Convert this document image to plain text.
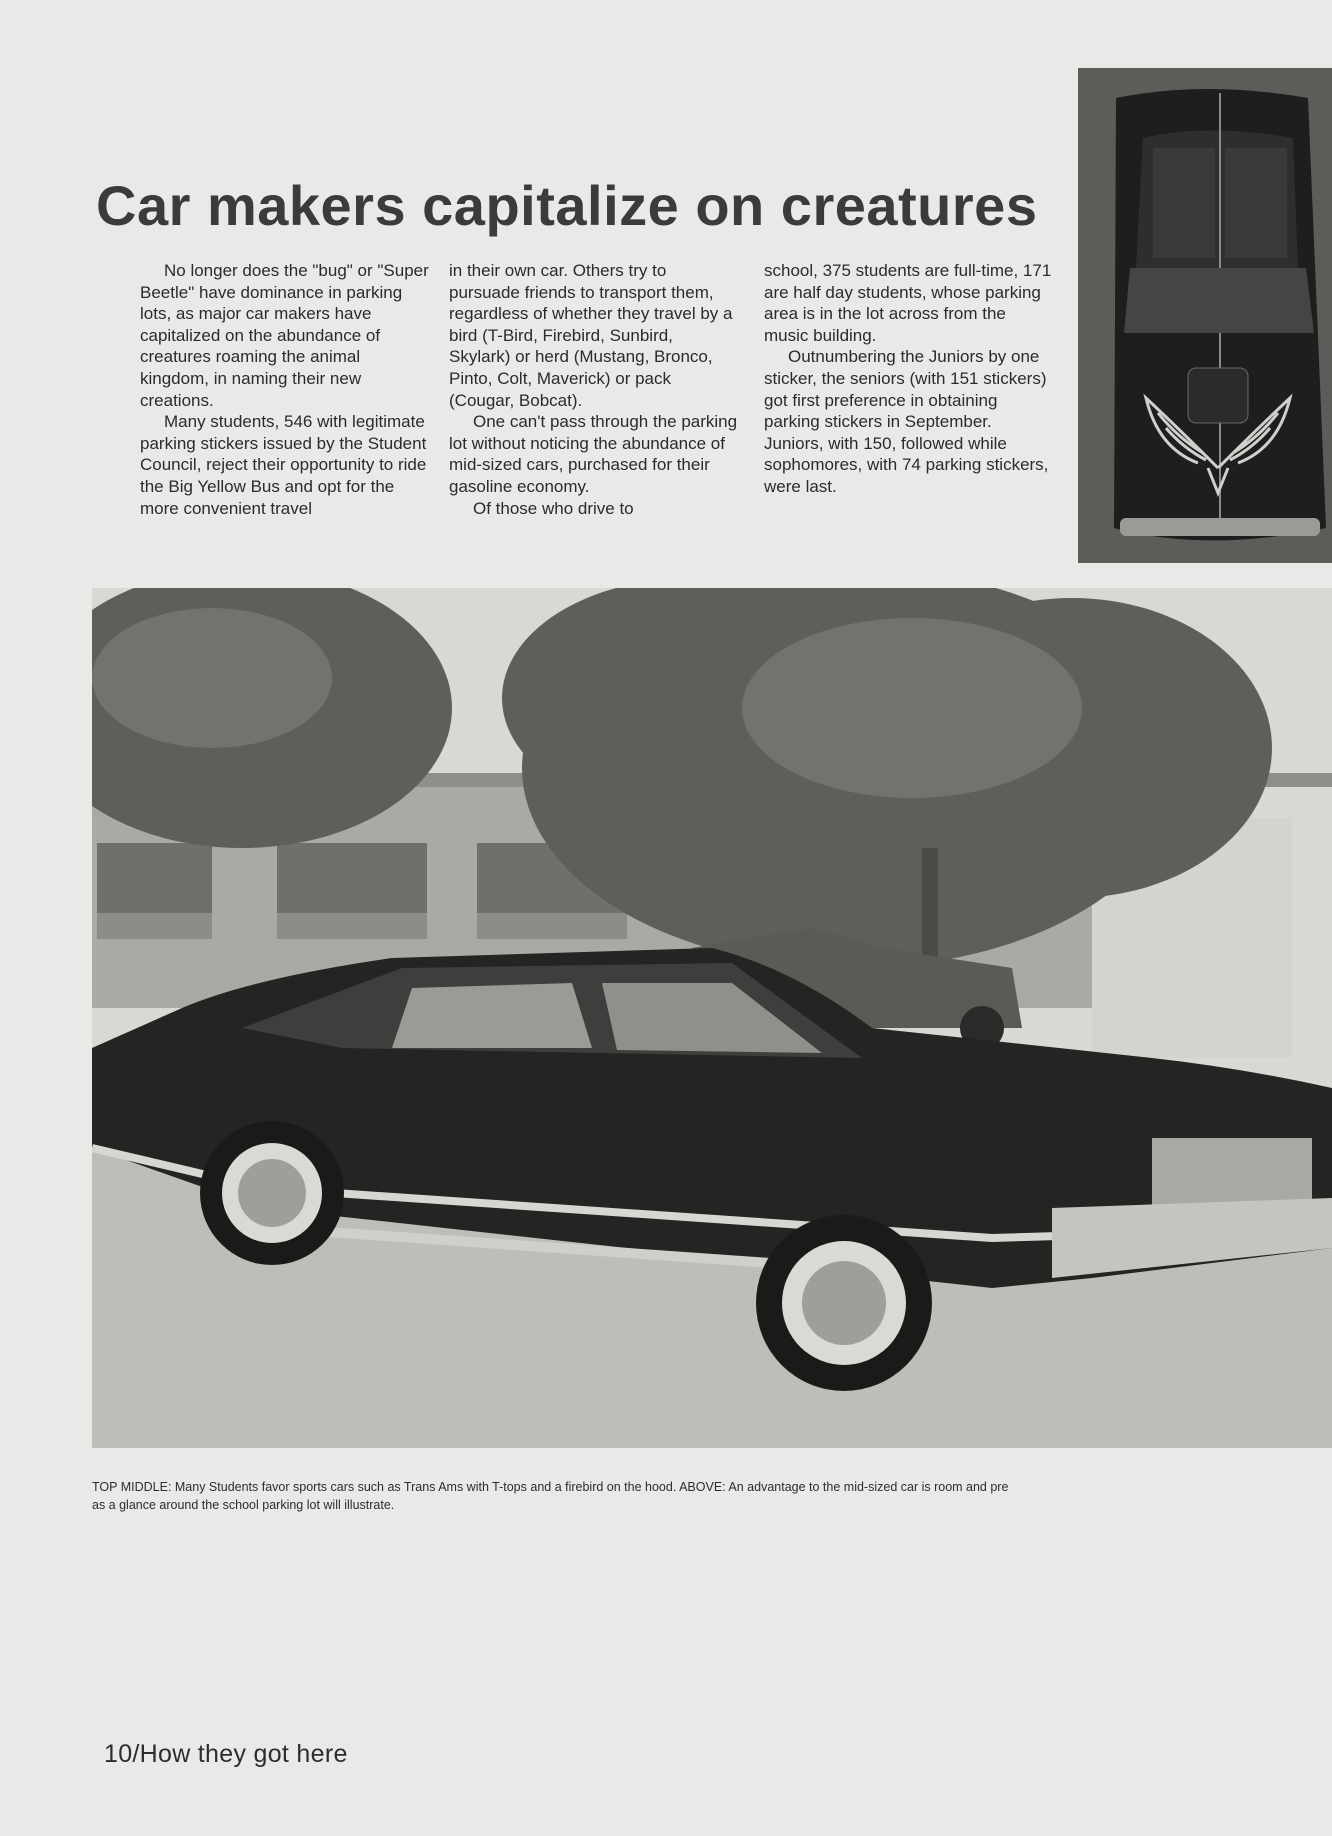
Car makers capitalize on creatures

No longer does the "bug" or "Super Beetle" have dominance in parking lots, as major car makers have capitalized on the abundance of creatures roaming the animal kingdom, in naming their new creations.

Many students, 546 with legitimate parking stickers issued by the Student Council, reject their opportunity to ride the Big Yellow Bus and opt for the more convenient travel

in their own car. Others try to pursuade friends to transport them, regardless of whether they travel by a bird (T-Bird, Firebird, Sunbird, Skylark) or herd (Mustang, Bronco, Pinto, Colt, Maverick) or pack (Cougar, Bobcat).

One can't pass through the parking lot without noticing the abundance of mid-sized cars, purchased for their gasoline economy.

Of those who drive to

school, 375 students are full-time, 171 are half day students, whose parking area is in the lot across from the music building.

Outnumbering the Juniors by one sticker, the seniors (with 151 stickers) got first preference in obtaining parking stickers in September. Juniors, with 150, followed while sophomores, with 74 parking stickers, were last.

TOP MIDDLE: Many Students favor sports cars such as Trans Ams with T-tops and a firebird on the hood. ABOVE: An advantage to the mid-sized car is room and pre
as a glance around the school parking lot will illustrate.
10/How they got here
